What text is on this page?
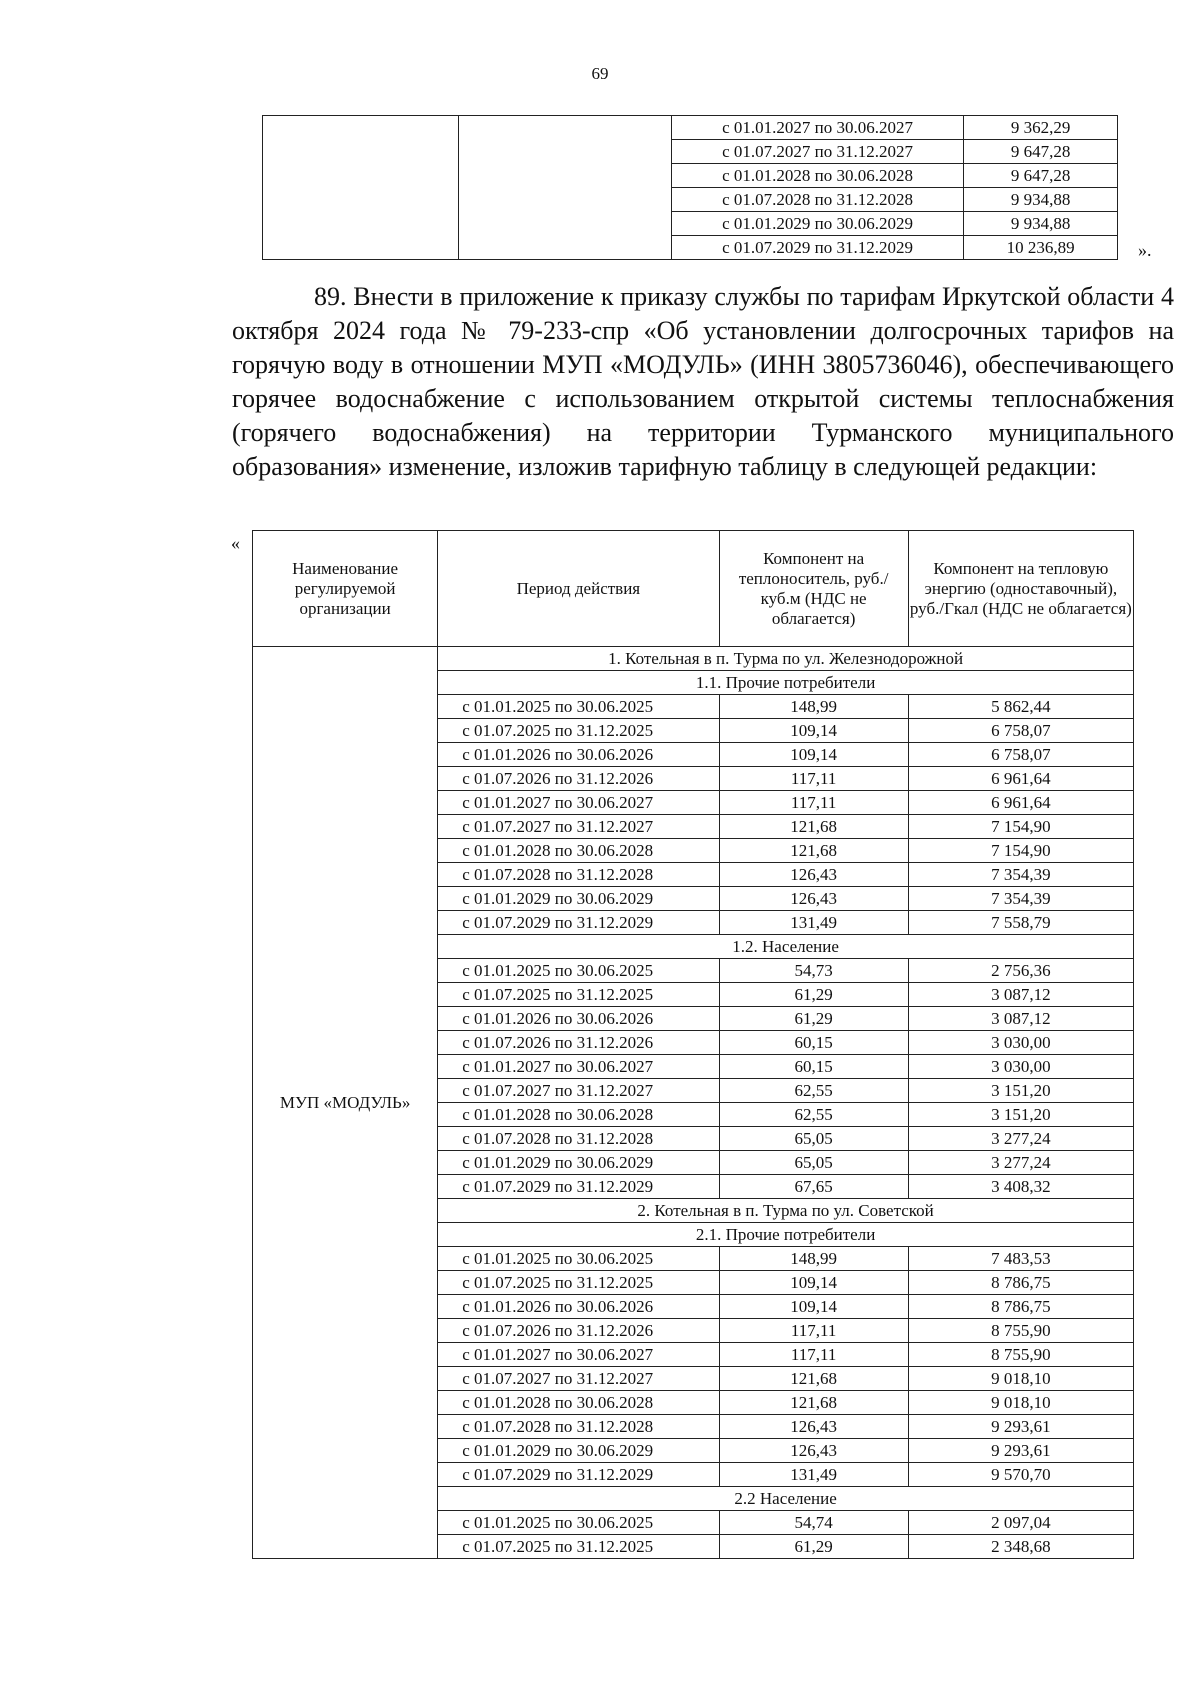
69
		с 01.01.2027 по 30.06.2027	9 362,29
		с 01.07.2027 по 31.12.2027	9 647,28
		с 01.01.2028 по 30.06.2028	9 647,28
		с 01.07.2028 по 31.12.2028	9 934,88
		с 01.01.2029 по 30.06.2029	9 934,88
		с 01.07.2029 по 31.12.2029	10 236,89	».

89. Внести в приложение к приказу службы по тарифам Иркутской области 4 октября 2024 года № 79-233-спр «Об установлении долгосрочных тарифов на горячую воду в отношении МУП «МОДУЛЬ» (ИНН 3805736046), обеспечивающего горячее водоснабжение с использованием открытой системы теплоснабжения (горячего водоснабжения) на территории Турманского муниципального образования» изменение, изложив тарифную таблицу в следующей редакции:

«
Наименование регулируемой организации	Период действия	Компонент на теплоноситель, руб./куб.м (НДС не облагается)	Компонент на тепловую энергию (одноставочный), руб./Гкал (НДС не облагается)
МУП «МОДУЛЬ»	1. Котельная в п. Турма по ул. Железнодорожной		
	1.1. Прочие потребители		
	с 01.01.2025 по 30.06.2025	148,99	5 862,44
	с 01.07.2025 по 31.12.2025	109,14	6 758,07
	с 01.01.2026 по 30.06.2026	109,14	6 758,07
	с 01.07.2026 по 31.12.2026	117,11	6 961,64
	с 01.01.2027 по 30.06.2027	117,11	6 961,64
	с 01.07.2027 по 31.12.2027	121,68	7 154,90
	с 01.01.2028 по 30.06.2028	121,68	7 154,90
	с 01.07.2028 по 31.12.2028	126,43	7 354,39
	с 01.01.2029 по 30.06.2029	126,43	7 354,39
	с 01.07.2029 по 31.12.2029	131,49	7 558,79
	1.2. Население		
	с 01.01.2025 по 30.06.2025	54,73	2 756,36
	с 01.07.2025 по 31.12.2025	61,29	3 087,12
	с 01.01.2026 по 30.06.2026	61,29	3 087,12
	с 01.07.2026 по 31.12.2026	60,15	3 030,00
	с 01.01.2027 по 30.06.2027	60,15	3 030,00
	с 01.07.2027 по 31.12.2027	62,55	3 151,20
	с 01.01.2028 по 30.06.2028	62,55	3 151,20
	с 01.07.2028 по 31.12.2028	65,05	3 277,24
	с 01.01.2029 по 30.06.2029	65,05	3 277,24
	с 01.07.2029 по 31.12.2029	67,65	3 408,32
	2. Котельная в п. Турма по ул. Советской		
	2.1. Прочие потребители		
	с 01.01.2025 по 30.06.2025	148,99	7 483,53
	с 01.07.2025 по 31.12.2025	109,14	8 786,75
	с 01.01.2026 по 30.06.2026	109,14	8 786,75
	с 01.07.2026 по 31.12.2026	117,11	8 755,90
	с 01.01.2027 по 30.06.2027	117,11	8 755,90
	с 01.07.2027 по 31.12.2027	121,68	9 018,10
	с 01.01.2028 по 30.06.2028	121,68	9 018,10
	с 01.07.2028 по 31.12.2028	126,43	9 293,61
	с 01.01.2029 по 30.06.2029	126,43	9 293,61
	с 01.07.2029 по 31.12.2029	131,49	9 570,70
	2.2 Население		
	с 01.01.2025 по 30.06.2025	54,74	2 097,04
	с 01.07.2025 по 31.12.2025	61,29	2 348,68
